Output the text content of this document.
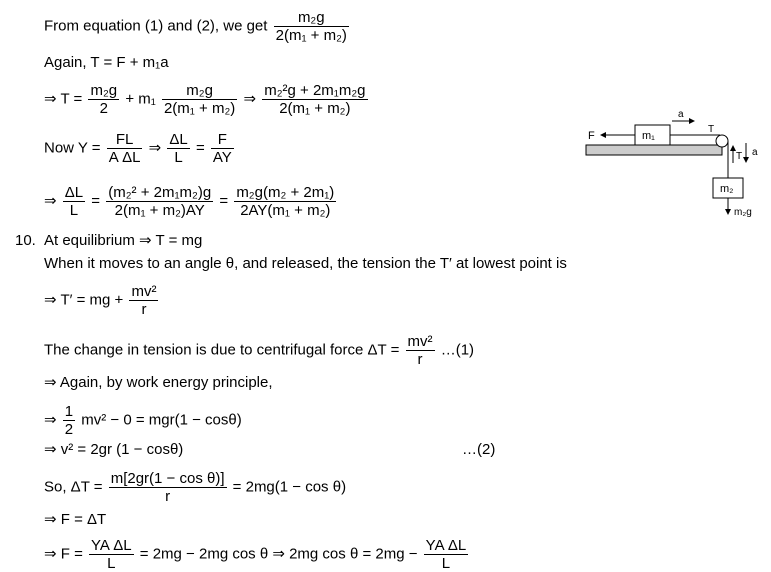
From equation (1) and (2), we get $\frac{\text{m₂g}}{\text{2(m₁ + m₂)}}$
Again, T = F + m₁a
⇒ $T = \frac{\text{m₂g}}{2} + m_1 \frac{\text{m₂g}}{\text{2(m₁ + m₂)}}$ ⇒ $\frac{\text{m₂²g + 2m₁m₂g}}{\text{2(m₁ + m₂)}}$
Now $Y = \frac{FL}{\text{A ΔL}}$ ⇒ $\frac{\Delta L}{L} = \frac{F}{AY}$
⇒ $\frac{\Delta L}{L} = \frac{\text{(m₂² + 2m₁m₂)g}}{\text{2(m₁ + m₂)AY}} = \frac{\text{m₂g(m₂ + 2m₁)}}{\text{2AY(m₁ + m₂)}}$
10. At equilibrium ⇒ T = mg
When it moves to an angle θ, and released, the tension the T′ at lowest point is
⇒ T′ = mg + $\frac{\text{mv²}}{r}$
The change in tension is due to centrifugal force $\Delta T = \frac{\text{mv²}}{r}$ …(1)
⇒ Again, by work energy principle,
⇒ $\frac{1}{2} mv^2 - 0 = mgr(1 - \cos\theta)$
⇒ v² = 2gr (1 − cosθ)	…(2)
So, $\Delta T = \frac{\text{m[2gr(1 − cos θ)]}}{r} = 2mg(1 - \cos \theta)$
⇒ F = ΔT
⇒ $F = \frac{\text{YA ΔL}}{L} = 2mg - 2mg$ cos θ ⇒ 2mg $\cos \theta = 2mg - \frac{\text{YA ΔL}}{L}$
m₁
F
a
T
T a
m₂
m₂g
